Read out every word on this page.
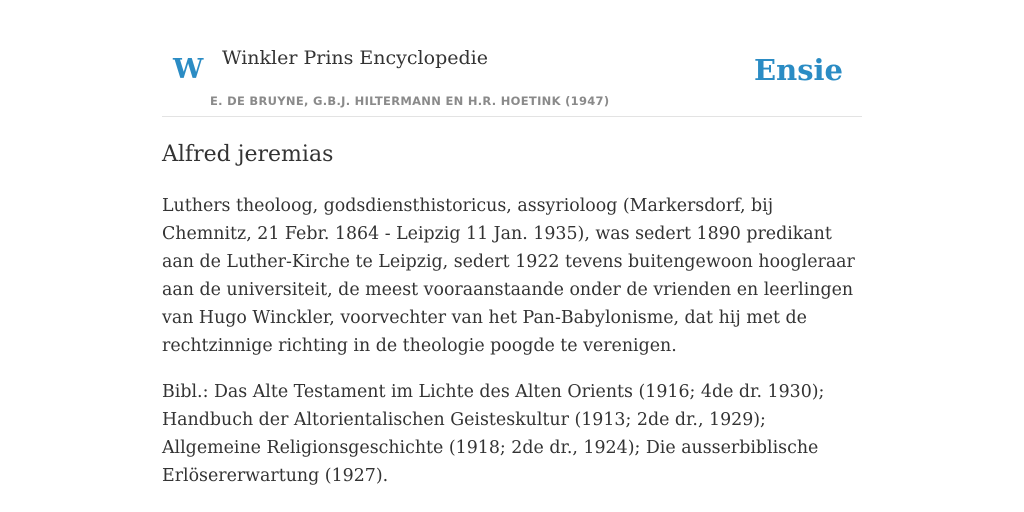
W Winkler Prins Encyclopedie
E. DE BRUYNE, G.B.J. HILTERMANN EN H.R. HOETINK (1947)
Ensie
Alfred jeremias

Luthers theoloog, godsdiensthistoricus, assyrioloog (Markersdorf, bij Chemnitz, 21 Febr. 1864 - Leipzig 11 Jan. 1935), was sedert 1890 predikant aan de Luther-Kirche te Leipzig, sedert 1922 tevens buitengewoon hoogleraar aan de universiteit, de meest vooraanstaande onder de vrienden en leerlingen van Hugo Winckler, voorvechter van het Pan-Babylonisme, dat hij met de rechtzinnige richting in de theologie poogde te verenigen.

Bibl.: Das Alte Testament im Lichte des Alten Orients (1916; 4de dr. 1930); Handbuch der Altorientalischen Geisteskultur (1913; 2de dr., 1929); Allgemeine Religionsgeschichte (1918; 2de dr., 1924); Die ausserbiblische Erlösererwartung (1927).
